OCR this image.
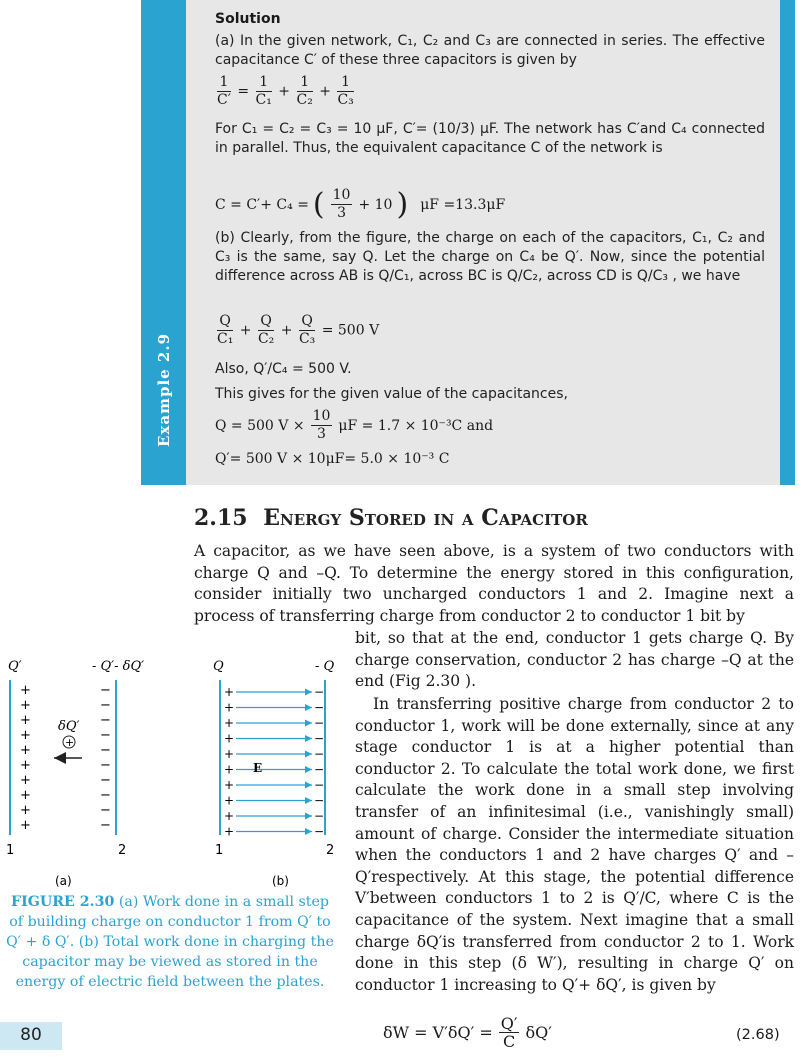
Example 2.9
Solution
(a) In the given network, C₁, C₂ and C₃ are connected in series. The effective capacitance C′ of these three capacitors is given by
$\frac{1}{C'} = \frac{1}{\text{C₁}} + \frac{1}{\text{C₂}} + \frac{1}{\text{C₃}}$
For C₁ = C₂ = C₃ = 10 μF, C′= (10/3) μF. The network has C′and C₄ connected in parallel. Thus, the equivalent capacitance C of the network is
C = C′+ C₄ = ( $\frac{10}{3} + 10$ ) μF =13.3μF
(b) Clearly, from the figure, the charge on each of the capacitors, C₁, C₂ and C₃ is the same, say Q. Let the charge on C₄ be Q′. Now, since the potential difference across AB is Q/C₁, across BC is Q/C₂, across CD is Q/C₃ , we have
$\frac{Q}{\text{C₁}} + \frac{Q}{\text{C₂}} + \frac{Q}{\text{C₃}} = 500$ V
Also, Q′/C₄ = 500 V.
This gives for the given value of the capacitances,
Q = 500 $V \times \frac{10}{3}$ μF = 1.7 × 10⁻³C and
Q′= 500 V × 10μF= 5.0 × 10⁻³ C
2.15 Energy Stored in a Capacitor
A capacitor, as we have seen above, is a system of two conductors with charge Q and –Q. To determine the energy stored in this configuration, consider initially two uncharged conductors 1 and 2. Imagine next a process of transferring charge from conductor 2 to conductor 1 bit by
bit, so that at the end, conductor 1 gets charge Q. By charge conservation, conductor 2 has charge –Q at the end (Fig 2.30 ).
In transferring positive charge from conductor 2 to conductor 1, work will be done externally, since at any stage conductor 1 is at a higher potential than conductor 2. To calculate the total work done, we first calculate the work done in a small step involving transfer of an infinitesimal (i.e., vanishingly small) amount of charge. Consider the intermediate situation when the conductors 1 and 2 have charges Q′ and –Q′respectively. At this stage, the potential difference V′between conductors 1 to 2 is Q′/C, where C is the capacitance of the system. Next imagine that a small charge δQ′is transferred from conductor 2 to 1. Work done in this step (δ W′), resulting in charge Q′ on conductor 1 increasing to Q′+ δQ′, is given by
Q′	- Q′- δQ′
+
+
+
+
+
+
+
+
+
+
−
−
−
−
−
−
−
−
−
−
δQ′
+
1	2
(a)
Q	- Q
+	−
+	−
+	−
+	−
+	−
+	−
+	−
+	−
+	−
+	−
E
1	2
(b)
FIGURE 2.30 (a) Work done in a small step of building charge on conductor 1 from Q′ to Q′ + δ Q′. (b) Total work done in charging the capacitor may be viewed as stored in the energy of electric field between the plates.
80	$\delta W = V'\delta Q' = \frac{Q'}{C} \delta Q'$	(2.68)
